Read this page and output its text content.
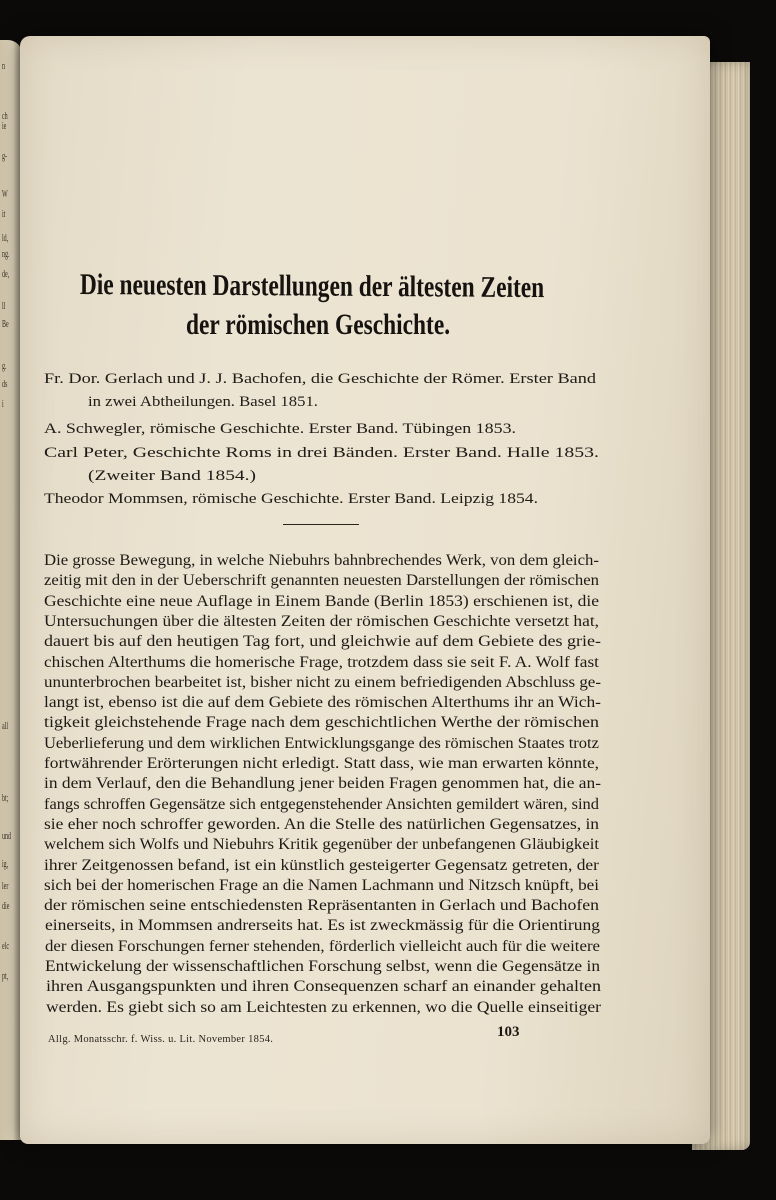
n
ch
ie
g-
W
it
ld,
ng.
de,
ll
Be
g.
ds
i
all
bt;
und
ig,
ler
die
elc
pt,
Die neuesten Darstellungen der ältesten Zeiten
der römischen Geschichte.
Fr. Dor. Gerlach und J. J. Bachofen, die Geschichte der Römer. Erster Band
in zwei Abtheilungen. Basel 1851.
A. Schwegler, römische Geschichte. Erster Band. Tübingen 1853.
Carl Peter, Geschichte Roms in drei Bänden. Erster Band. Halle 1853.
(Zweiter Band 1854.)
Theodor Mommsen, römische Geschichte. Erster Band. Leipzig 1854.
Die grosse Bewegung, in welche Niebuhrs bahnbrechendes Werk, von dem gleich-
zeitig mit den in der Ueberschrift genannten neuesten Darstellungen der römischen
Geschichte eine neue Auflage in Einem Bande (Berlin 1853) erschienen ist, die
Untersuchungen über die ältesten Zeiten der römischen Geschichte versetzt hat,
dauert bis auf den heutigen Tag fort, und gleichwie auf dem Gebiete des grie-
chischen Alterthums die homerische Frage, trotzdem dass sie seit F. A. Wolf fast
ununterbrochen bearbeitet ist, bisher nicht zu einem befriedigenden Abschluss ge-
langt ist, ebenso ist die auf dem Gebiete des römischen Alterthums ihr an Wich-
tigkeit gleichstehende Frage nach dem geschichtlichen Werthe der römischen
Ueberlieferung und dem wirklichen Entwicklungsgange des römischen Staates trotz
fortwährender Erörterungen nicht erledigt. Statt dass, wie man erwarten könnte,
in dem Verlauf, den die Behandlung jener beiden Fragen genommen hat, die an-
fangs schroffen Gegensätze sich entgegenstehender Ansichten gemildert wären, sind
sie eher noch schroffer geworden. An die Stelle des natürlichen Gegensatzes, in
welchem sich Wolfs und Niebuhrs Kritik gegenüber der unbefangenen Gläubigkeit
ihrer Zeitgenossen befand, ist ein künstlich gesteigerter Gegensatz getreten, der
sich bei der homerischen Frage an die Namen Lachmann und Nitzsch knüpft, bei
der römischen seine entschiedensten Repräsentanten in Gerlach und Bachofen
einerseits, in Mommsen andrerseits hat. Es ist zweckmässig für die Orientirung
der diesen Forschungen ferner stehenden, förderlich vielleicht auch für die weitere
Entwickelung der wissenschaftlichen Forschung selbst, wenn die Gegensätze in
ihren Ausgangspunkten und ihren Consequenzen scharf an einander gehalten
werden. Es giebt sich so am Leichtesten zu erkennen, wo die Quelle einseitiger
Allg. Monatsschr. f. Wiss. u. Lit. November 1854.	103
